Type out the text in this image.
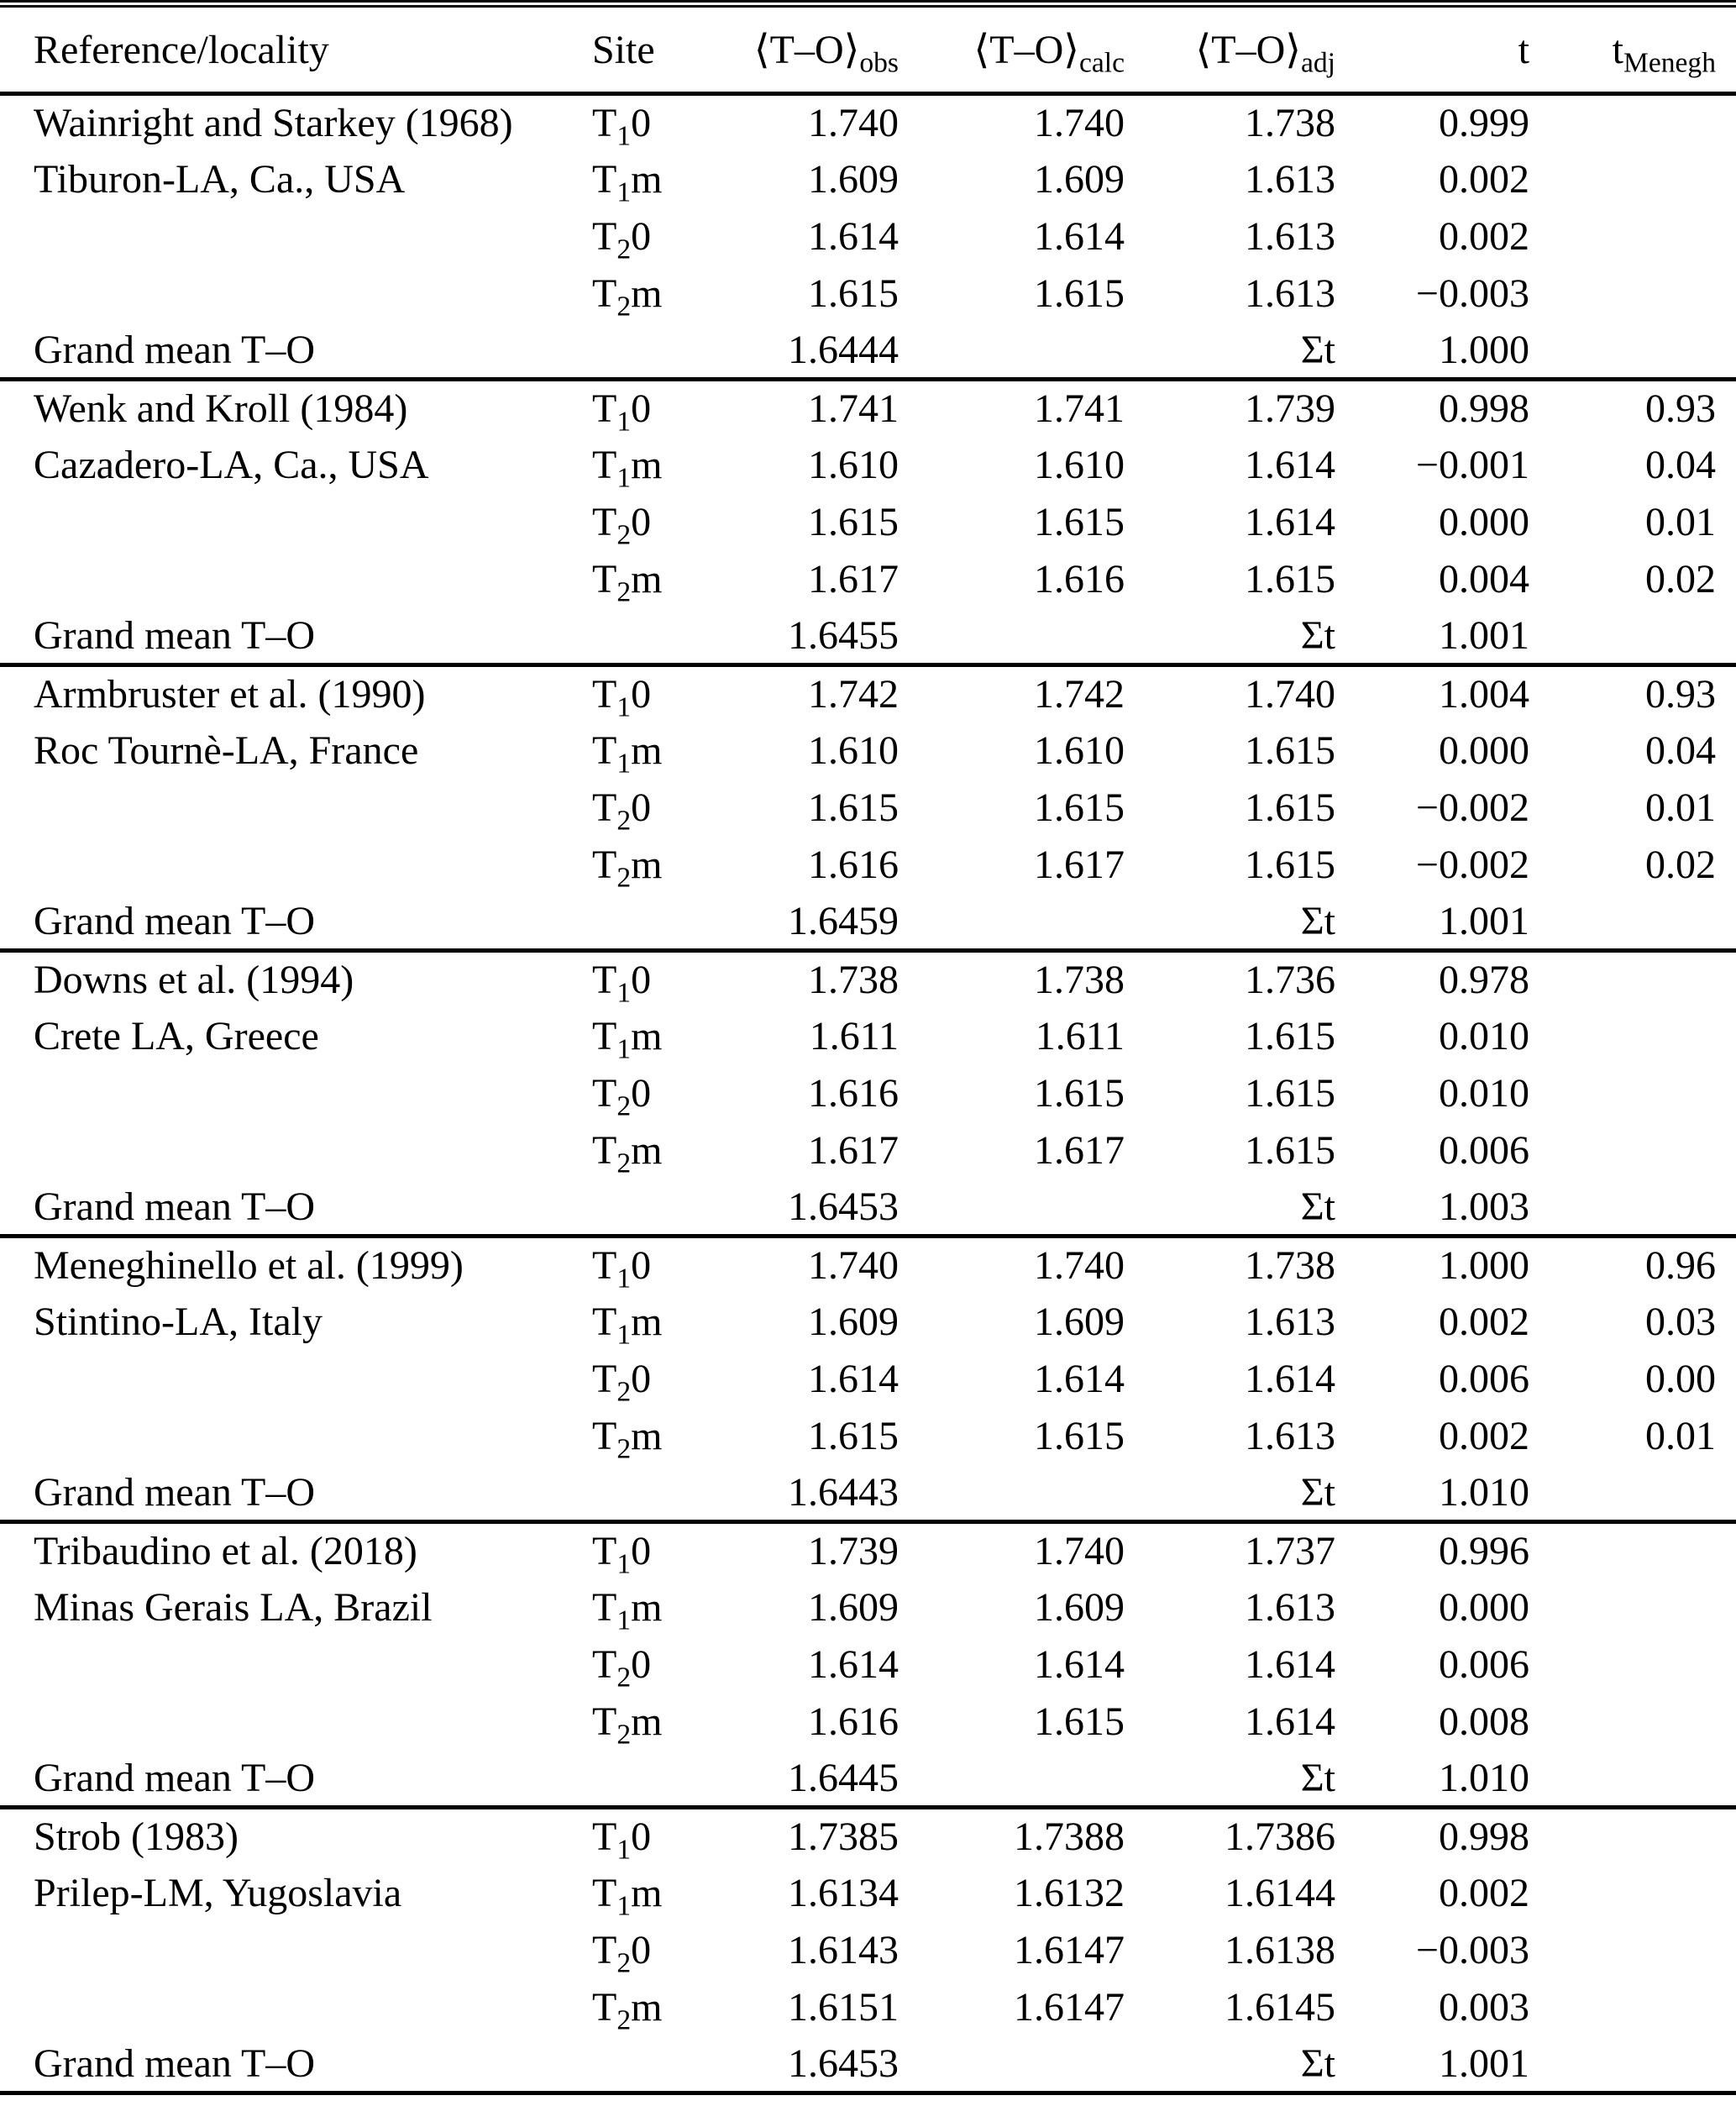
Reference/locality	Site	$⟨T-O⟩_{obs}$	$⟨T-O⟩_{calc}$	$⟨T-O⟩_{adj}$	t	$t_{Menegh}$
Wainright and Starkey (1968)	$T_10$	1.740	1.740	1.738	0.999	
Tiburon-LA, Ca., USA	$T_1m$	1.609	1.609	1.613	0.002	
	$T_20$	1.614	1.614	1.613	0.002	
	$T_2m$	1.615	1.615	1.613	−0.003	
Grand mean T–O		1.6444		Σt	1.000	
Wenk and Kroll (1984)	$T_10$	1.741	1.741	1.739	0.998	0.93
Cazadero-LA, Ca., USA	$T_1m$	1.610	1.610	1.614	−0.001	0.04
	$T_20$	1.615	1.615	1.614	0.000	0.01
	$T_2m$	1.617	1.616	1.615	0.004	0.02
Grand mean T–O		1.6455		Σt	1.001	
Armbruster et al. (1990)	$T_10$	1.742	1.742	1.740	1.004	0.93
Roc Tournè-LA, France	$T_1m$	1.610	1.610	1.615	0.000	0.04
	$T_20$	1.615	1.615	1.615	−0.002	0.01
	$T_2m$	1.616	1.617	1.615	−0.002	0.02
Grand mean T–O		1.6459		Σt	1.001	
Downs et al. (1994)	$T_10$	1.738	1.738	1.736	0.978	
Crete LA, Greece	$T_1m$	1.611	1.611	1.615	0.010	
	$T_20$	1.616	1.615	1.615	0.010	
	$T_2m$	1.617	1.617	1.615	0.006	
Grand mean T–O		1.6453		Σt	1.003	
Meneghinello et al. (1999)	$T_10$	1.740	1.740	1.738	1.000	0.96
Stintino-LA, Italy	$T_1m$	1.609	1.609	1.613	0.002	0.03
	$T_20$	1.614	1.614	1.614	0.006	0.00
	$T_2m$	1.615	1.615	1.613	0.002	0.01
Grand mean T–O		1.6443		Σt	1.010	
Tribaudino et al. (2018)	$T_10$	1.739	1.740	1.737	0.996	
Minas Gerais LA, Brazil	$T_1m$	1.609	1.609	1.613	0.000	
	$T_20$	1.614	1.614	1.614	0.006	
	$T_2m$	1.616	1.615	1.614	0.008	
Grand mean T–O		1.6445		Σt	1.010	
Strob (1983)	$T_10$	1.7385	1.7388	1.7386	0.998	
Prilep-LM, Yugoslavia	$T_1m$	1.6134	1.6132	1.6144	0.002	
	$T_20$	1.6143	1.6147	1.6138	−0.003	
	$T_2m$	1.6151	1.6147	1.6145	0.003	
Grand mean T–O		1.6453		Σt	1.001	
